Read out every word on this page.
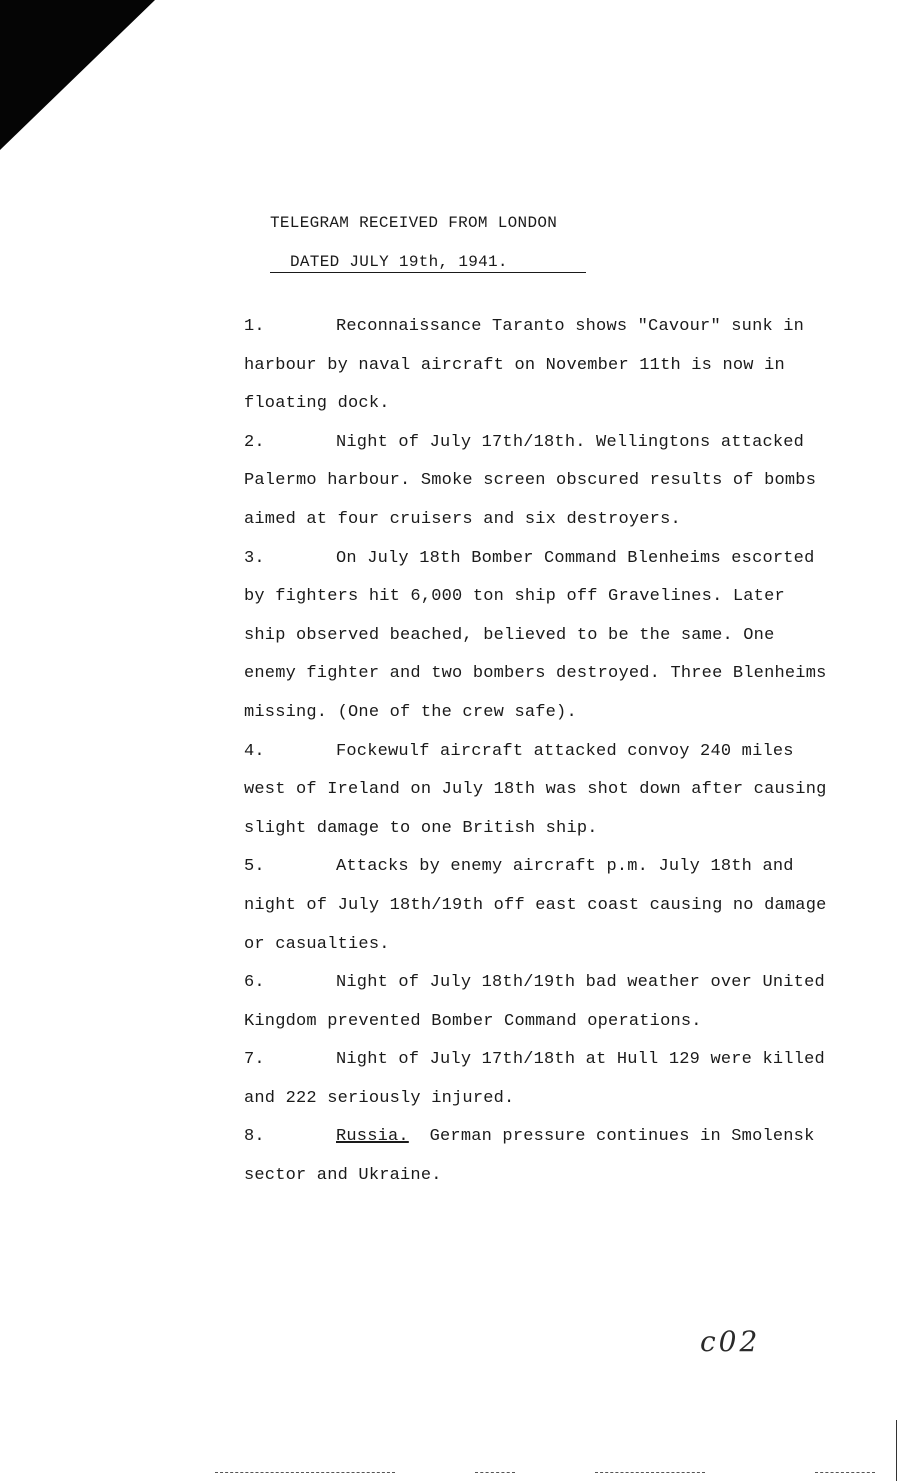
TELEGRAM RECEIVED FROM LONDON
DATED JULY 19th, 1941.

1.	Reconnaissance Taranto shows "Cavour" sunk in harbour by naval aircraft on November 11th is now in floating dock.

2.	Night of July 17th/18th. Wellingtons attacked Palermo harbour. Smoke screen obscured results of bombs aimed at four cruisers and six destroyers.

3.	On July 18th Bomber Command Blenheims escorted by fighters hit 6,000 ton ship off Gravelines. Later ship observed beached, believed to be the same. One enemy fighter and two bombers destroyed. Three Blenheims missing. (One of the crew safe).

4.	Fockewulf aircraft attacked convoy 240 miles west of Ireland on July 18th was shot down after causing slight damage to one British ship.

5.	Attacks by enemy aircraft p.m. July 18th and night of July 18th/19th off east coast causing no damage or casualties.

6.	Night of July 18th/19th bad weather over United Kingdom prevented Bomber Command operations.

7.	Night of July 17th/18th at Hull 129 were killed and 222 seriously injured.

8.	Russia. German pressure continues in Smolensk sector and Ukraine.

c02
